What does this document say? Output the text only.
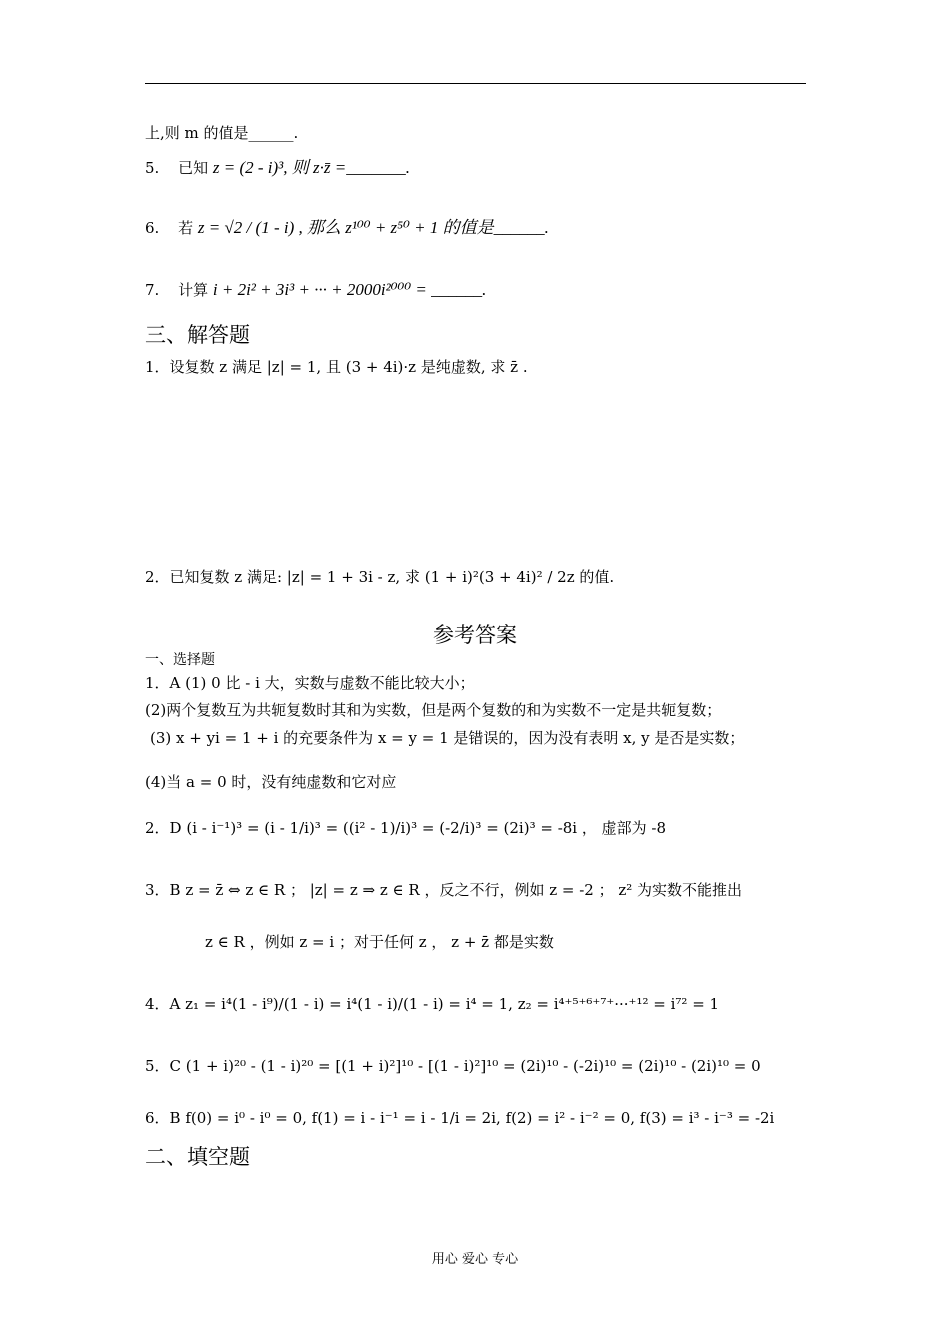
上,则 m 的值是______.
5. 已知 z = (2 - i)³, 则 z·z̄ =_______.
6. 若 z = √2 / (1 - i) , 那么 z¹⁰⁰ + z⁵⁰ + 1 的值是______.
7. 计算 i + 2i² + 3i³ + ··· + 2000i²⁰⁰⁰ = ______.
三、解答题
1．设复数 z 满足 |z| = 1, 且 (3 + 4i)·z 是纯虚数, 求 z̄ .
2．已知复数 z 满足: |z| = 1 + 3i - z, 求 (1 + i)²(3 + 4i)² / 2z 的值.
参考答案
一、选择题
1．A (1) 0 比 - i 大，实数与虚数不能比较大小；
(2)两个复数互为共轭复数时其和为实数，但是两个复数的和为实数不一定是共轭复数；
(3) x + yi = 1 + i 的充要条件为 x = y = 1 是错误的，因为没有表明 x, y 是否是实数；
(4)当 a = 0 时，没有纯虚数和它对应
2．D (i - i⁻¹)³ = (i - 1/i)³ = ((i² - 1)/i)³ = (-2/i)³ = (2i)³ = -8i ， 虚部为 -8
3．B z = z̄ ⇔ z ∈ R ； |z| = z ⇒ z ∈ R ，反之不行，例如 z = -2 ； z² 为实数不能推出
z ∈ R ，例如 z = i ；对于任何 z ， z + z̄ 都是实数
4．A z₁ = i⁴(1 - i⁹)/(1 - i) = i⁴(1 - i)/(1 - i) = i⁴ = 1, z₂ = i⁴⁺⁵⁺⁶⁺⁷⁺···⁺¹² = i⁷² = 1
5．C (1 + i)²⁰ - (1 - i)²⁰ = [(1 + i)²]¹⁰ - [(1 - i)²]¹⁰ = (2i)¹⁰ - (-2i)¹⁰ = (2i)¹⁰ - (2i)¹⁰ = 0
6．B f(0) = i⁰ - i⁰ = 0, f(1) = i - i⁻¹ = i - 1/i = 2i, f(2) = i² - i⁻² = 0, f(3) = i³ - i⁻³ = -2i
二、填空题
用心 爱心 专心
